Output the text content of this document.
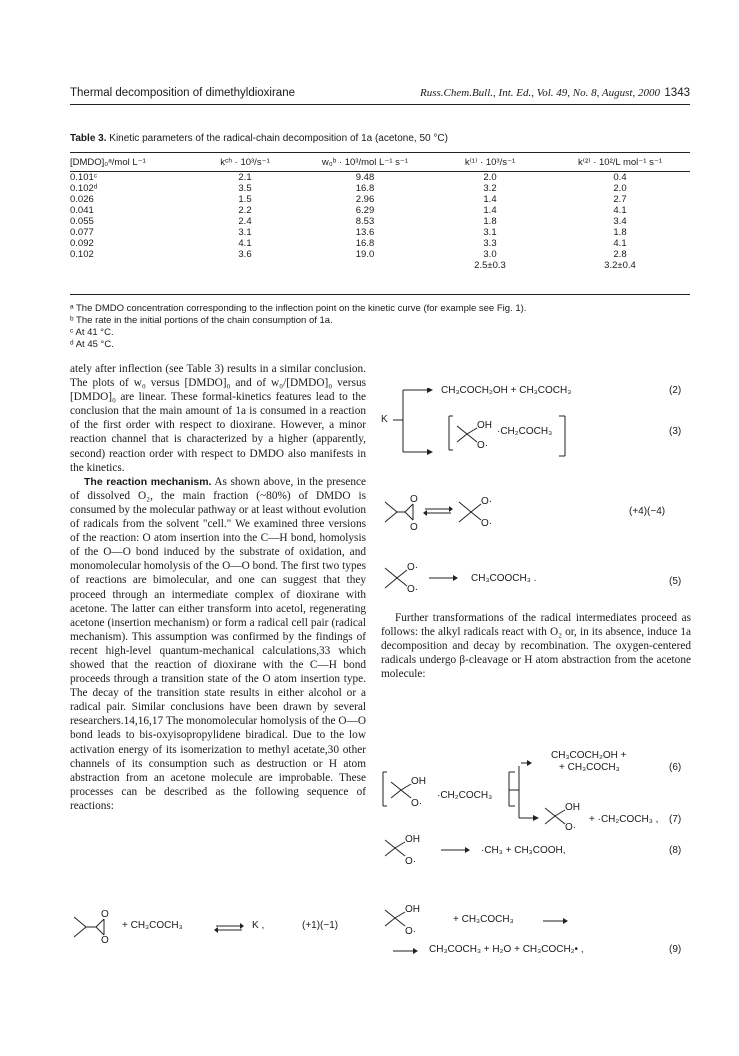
Thermal decomposition of dimethyldioxirane	Russ.Chem.Bull., Int. Ed., Vol. 49, No. 8, August, 2000 1343
Table 3. Kinetic parameters of the radical-chain decomposition of 1a (acetone, 50 °C)
[DMDO]₀ᵃ/mol L⁻¹	kᶜʰ · 10³/s⁻¹	w₀ᵇ · 10³/mol L⁻¹ s⁻¹	k⁽¹⁾ · 10³/s⁻¹	k⁽²⁾ · 10²/L mol⁻¹ s⁻¹
0.101ᶜ	2.1	9.48	2.0	0.4
0.102ᵈ	3.5	16.8	3.2	2.0
0.026	1.5	2.96	1.4	2.7
0.041	2.2	6.29	1.4	4.1
0.055	2.4	8.53	1.8	3.4
0.077	3.1	13.6	3.1	1.8
0.092	4.1	16.8	3.3	4.1
0.102	3.6	19.0	3.0	2.8
			2.5±0.3	3.2±0.4
ᵃ The DMDO concentration corresponding to the inflection point on the kinetic curve (for example see Fig. 1).
ᵇ The rate in the initial portions of the chain consumption of 1a.
ᶜ At 41 °C.
ᵈ At 45 °C.

ately after inflection (see Table 3) results in a similar conclusion. The plots of w₀ versus [DMDO]₀ and of w₀/[DMDO]₀ versus [DMDO]₀ are linear. These formal-kinetics features lead to the conclusion that the main amount of 1a is consumed in a reaction of the first order with respect to dioxirane. However, a minor reaction channel that is characterized by a higher (apparently, second) reaction order with respect to DMDO also manifests in the kinetics.

The reaction mechanism. As shown above, in the presence of dissolved O₂, the main fraction (~80%) of DMDO is consumed by the molecular pathway or at least without evolution of radicals from the solvent "cell." We examined three versions of the reaction: O atom insertion into the C—H bond, homolysis of the O—O bond induced by the substrate of oxidation, and monomolecular homolysis of the O—O bond. The first two types of reactions are bimolecular, and one can suggest that they proceed through an intermediate complex of dioxirane with acetone. The latter can either transform into acetol, regenerating acetone (insertion mechanism) or form a radical cell pair (radical mechanism). This assumption was confirmed by the findings of recent high-level quantum-mechanical calculations,33 which showed that the reaction of dioxirane with the C—H bond proceeds through a transition state of the O atom insertion type. The decay of the transition state results in either alcohol or a radical pair. Similar conclusions have been drawn by several researchers.14,16,17 The monomolecular homolysis of the O—O bond leads to bis-oxyisopropylidene biradical. Due to the low activation energy of its isomerization to methyl acetate,30 other channels of its consumption such as destruction or H atom abstraction from an acetone molecule are improbable. These processes can be described as the following sequence of reactions:

Further transformations of the radical intermediates proceed as follows: the alkyl radicals react with O₂ or, in its absence, induce 1a decomposition and decay by recombination. The oxygen-centered radicals undergo β-cleavage or H atom abstraction from the acetone molecule:

O
O

+ CH₃COCH₃ ⇌ K ,	(+1)(−1)
K
CH₃COCH₂OH + CH₃COCH₃	(2)
OH
O·
·CH₂COCH₃	(3)
O
O
O·
O·
(+4)(−4)
O·
O·
CH₃COOCH₃ .	(5)
CH₃COCH₂OH +
+ CH₃COCH₃	(6)
OH
O·
·CH₂COCH₃
OH
O·
+ ·CH₂COCH₃ , (7)
OH
O·
·CH₃ + CH₃COOH,	(8)
OH
O·

+ CH₃COCH₃
→ CH₃COCH₃ + H₂O + CH₃COCH₂• ,	(9)
